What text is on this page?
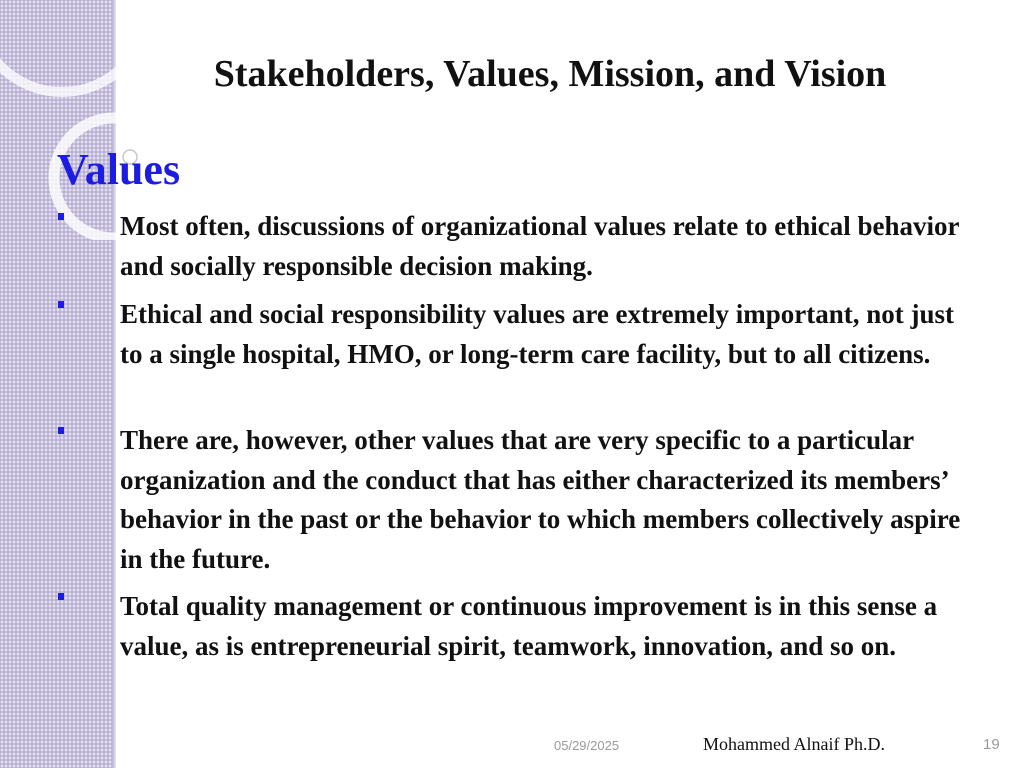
Stakeholders, Values, Mission, and Vision
Values
Most often, discussions of organizational values relate to ethical behavior and socially responsible decision making.
Ethical and social responsibility values are extremely important, not just to a single hospital, HMO, or long-term care facility, but to all citizens.
There are, however, other values that are very specific to a particular organization and the conduct that has either characterized its members’ behavior in the past or the behavior to which members collectively aspire in the future.
Total quality management or continuous improvement is in this sense a value, as is entrepreneurial spirit, teamwork, innovation, and so on.
05/29/2025	Mohammed Alnaif Ph.D.	19
